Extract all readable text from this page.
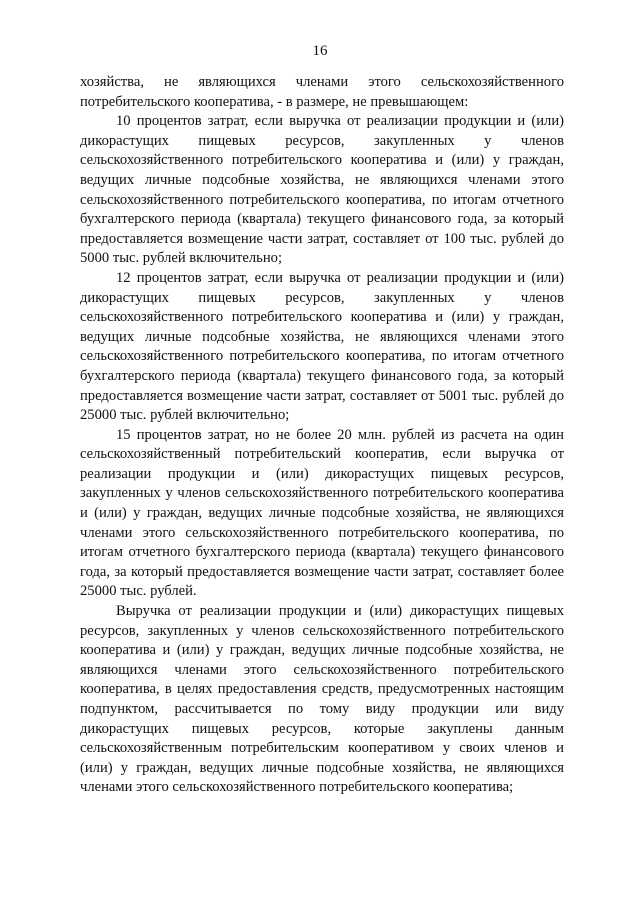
16

хозяйства, не являющихся членами этого сельскохозяйственного потребительского кооператива, - в размере, не превышающем:

10 процентов затрат, если выручка от реализации продукции и (или) дикорастущих пищевых ресурсов, закупленных у членов сельскохозяйственного потребительского кооператива и (или) у граждан, ведущих личные подсобные хозяйства, не являющихся членами этого сельскохозяйственного потребительского кооператива, по итогам отчетного бухгалтерского периода (квартала) текущего финансового года, за который предоставляется возмещение части затрат, составляет от 100 тыс. рублей до 5000 тыс. рублей включительно;

12 процентов затрат, если выручка от реализации продукции и (или) дикорастущих пищевых ресурсов, закупленных у членов сельскохозяйственного потребительского кооператива и (или) у граждан, ведущих личные подсобные хозяйства, не являющихся членами этого сельскохозяйственного потребительского кооператива, по итогам отчетного бухгалтерского периода (квартала) текущего финансового года, за который предоставляется возмещение части затрат, составляет от 5001 тыс. рублей до 25000 тыс. рублей включительно;

15 процентов затрат, но не более 20 млн. рублей из расчета на один сельскохозяйственный потребительский кооператив, если выручка от реализации продукции и (или) дикорастущих пищевых ресурсов, закупленных у членов сельскохозяйственного потребительского кооператива и (или) у граждан, ведущих личные подсобные хозяйства, не являющихся членами этого сельскохозяйственного потребительского кооператива, по итогам отчетного бухгалтерского периода (квартала) текущего финансового года, за который предоставляется возмещение части затрат, составляет более 25000 тыс. рублей.

Выручка от реализации продукции и (или) дикорастущих пищевых ресурсов, закупленных у членов сельскохозяйственного потребительского кооператива и (или) у граждан, ведущих личные подсобные хозяйства, не являющихся членами этого сельскохозяйственного потребительского кооператива, в целях предоставления средств, предусмотренных настоящим подпунктом, рассчитывается по тому виду продукции или виду дикорастущих пищевых ресурсов, которые закуплены данным сельскохозяйственным потребительским кооперативом у своих членов и (или) у граждан, ведущих личные подсобные хозяйства, не являющихся членами этого сельскохозяйственного потребительского кооператива;
